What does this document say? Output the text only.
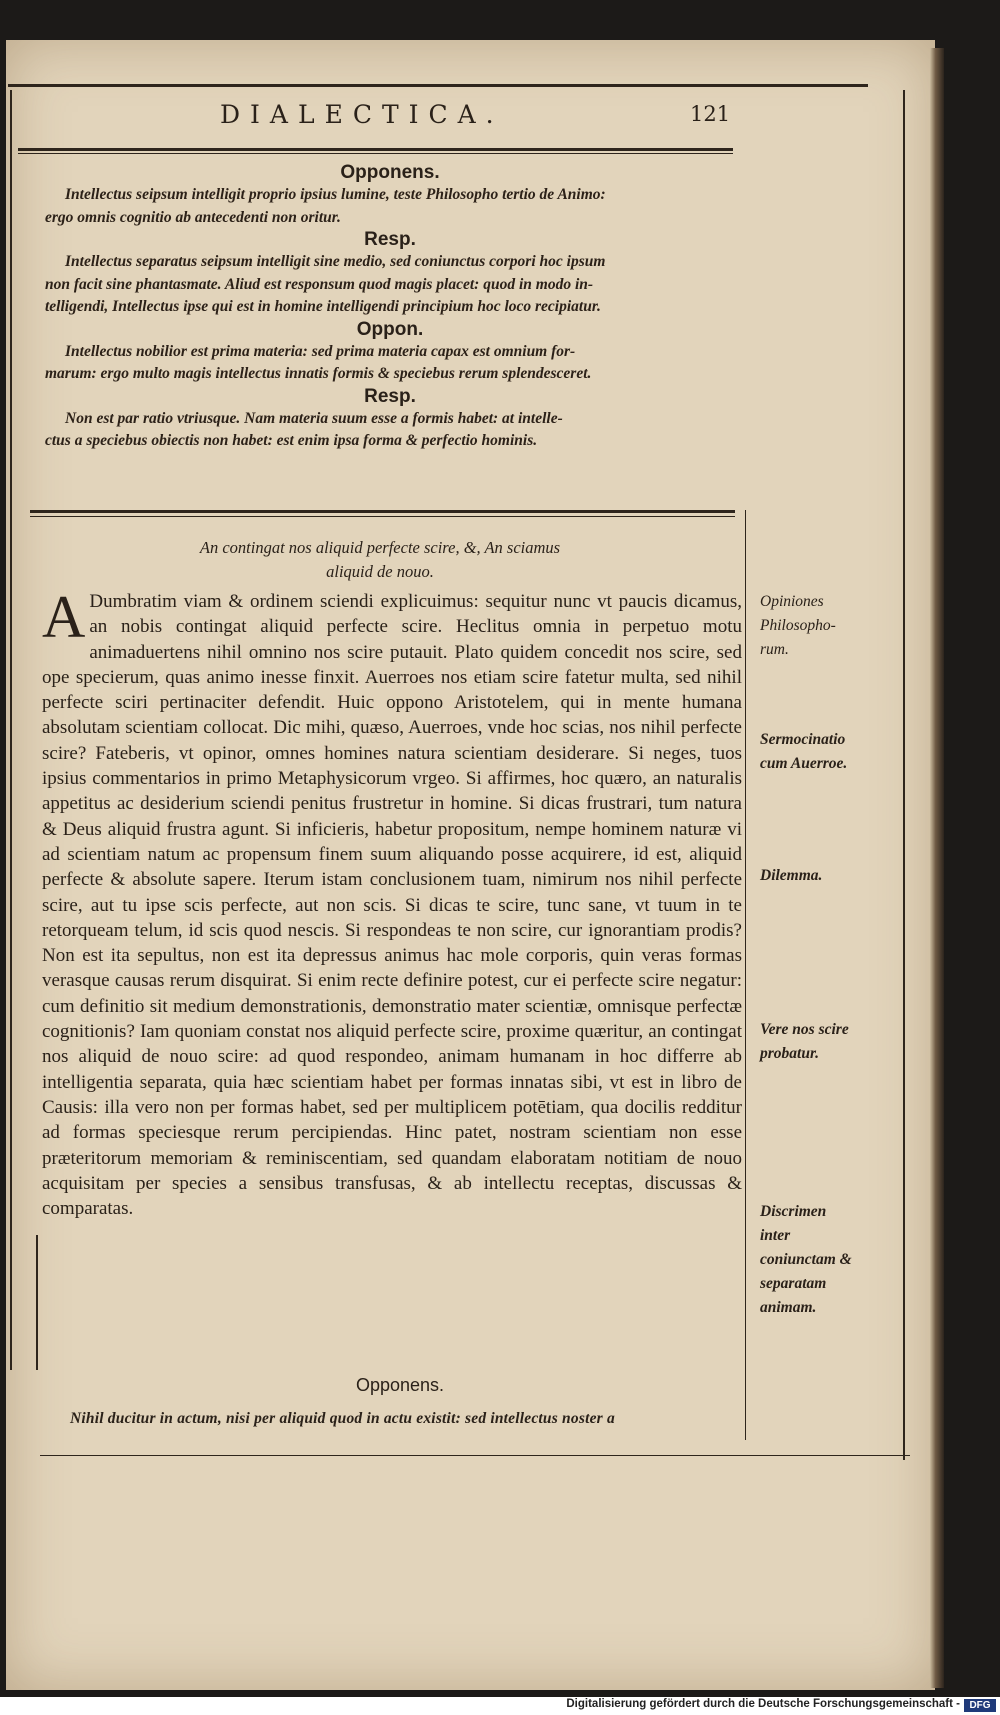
DIALECTICA.	121
Opponens.

Intellectus seipsum intelligit proprio ipsius lumine, teste Philosopho tertio de Animo:

ergo omnis cognitio ab antecedenti non oritur.

Resp.

Intellectus separatus seipsum intelligit sine medio, sed coniunctus corpori hoc ipsum

non facit sine phantasmate. Aliud est responsum quod magis placet: quod in modo in-

telligendi, Intellectus ipse qui est in homine intelligendi principium hoc loco recipiatur.

Oppon.

Intellectus nobilior est prima materia: sed prima materia capax est omnium for-

marum: ergo multo magis intellectus innatis formis & speciebus rerum splendesceret.

Resp.

Non est par ratio vtriusque. Nam materia suum esse a formis habet: at intelle-

ctus a speciebus obiectis non habet: est enim ipsa forma & perfectio hominis.

An contingat nos aliquid perfecte scire, &, An sciamus
aliquid de nouo.

A Dumbratim viam & ordinem sciendi explicuimus: sequitur nunc vt paucis dicamus, an nobis contingat aliquid perfecte scire. Heclitus omnia in perpetuo motu animaduertens nihil omnino nos scire putauit. Plato quidem concedit nos scire, sed ope specierum, quas animo inesse finxit. Auerroes nos etiam scire fatetur multa, sed nihil perfecte sciri pertinaciter defendit. Huic oppono Aristotelem, qui in mente humana absolutam scientiam collocat. Dic mihi, quæso, Auerroes, vnde hoc scias, nos nihil perfecte scire? Fateberis, vt opinor, omnes homines natura scientiam desiderare. Si neges, tuos ipsius commentarios in primo Metaphysicorum vrgeo. Si affirmes, hoc quæro, an naturalis appetitus ac desiderium sciendi penitus frustretur in homine. Si dicas frustrari, tum natura & Deus aliquid frustra agunt. Si inficieris, habetur propositum, nempe hominem naturæ vi ad scientiam natum ac propensum finem suum aliquando posse acquirere, id est, aliquid perfecte & absolute sapere. Iterum istam conclusionem tuam, nimirum nos nihil perfecte scire, aut tu ipse scis perfecte, aut non scis. Si dicas te scire, tunc sane, vt tuum in te retorqueam telum, id scis quod nescis. Si respondeas te non scire, cur ignorantiam prodis? Non est ita sepultus, non est ita depressus animus hac mole corporis, quin veras formas verasque causas rerum disquirat. Si enim recte definire potest, cur ei perfecte scire negatur: cum definitio sit medium demonstrationis, demonstratio mater scientiæ, omnisque perfectæ cognitionis? Iam quoniam constat nos aliquid perfecte scire, proxime quæritur, an contingat nos aliquid de nouo scire: ad quod respondeo, animam humanam in hoc differre ab intelligentia separata, quia hæc scientiam habet per formas innatas sibi, vt est in libro de Causis: illa vero non per formas habet, sed per multiplicem potētiam, qua docilis redditur ad formas speciesque rerum percipiendas. Hinc patet, nostram scientiam non esse præteritorum memoriam & reminiscentiam, sed quandam elaboratam notitiam de nouo acquisitam per species a sensibus transfusas, & ab intellectu receptas, discussas & comparatas.

Opponens.
Nihil ducitur in actum, nisi per aliquid quod in actu existit: sed intellectus noster a

Opiniones Philosopho-rum.

Sermocinatio cum Auerroe.

Dilemma.

Vere nos scire probatur.

Discrimen inter coniunctam & separatam animam.

Digitalisierung gefördert durch die Deutsche Forschungsgemeinschaft - DFG
